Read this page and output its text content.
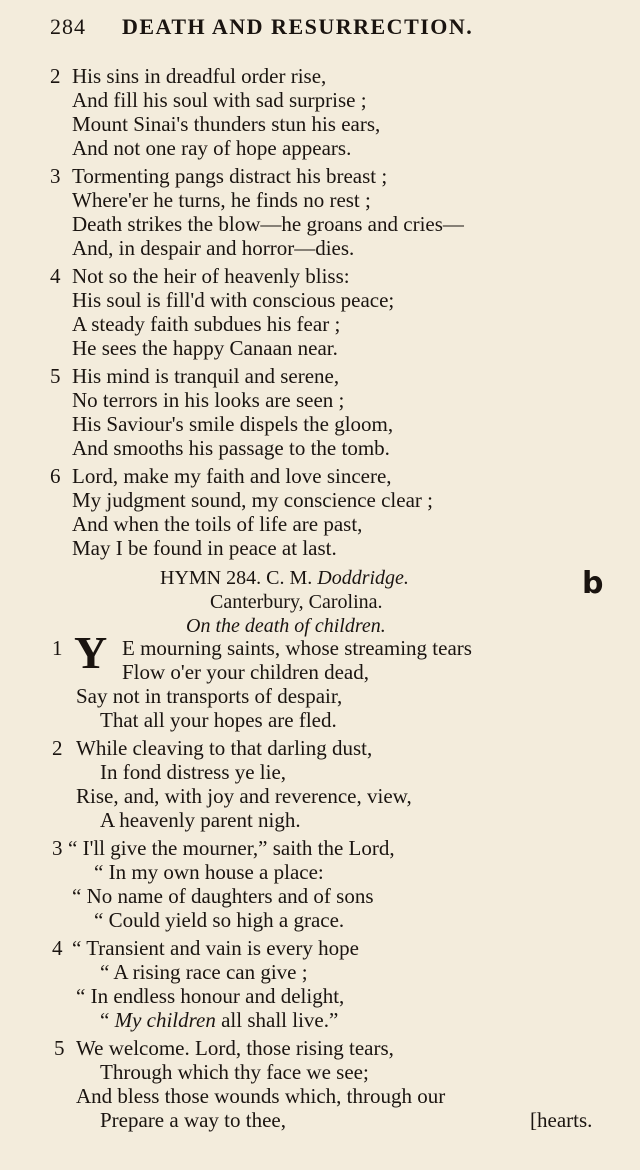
284 DEATH AND RESURRECTION.
2 His sins in dreadful order rise,
And fill his soul with sad surprise ;
Mount Sinai's thunders stun his ears,
And not one ray of hope appears.
3 Tormenting pangs distract his breast ;
Where'er he turns, he finds no rest ;
Death strikes the blow—he groans and cries—
And, in despair and horror—dies.
4 Not so the heir of heavenly bliss:
His soul is fill'd with conscious peace;
A steady faith subdues his fear ;
He sees the happy Canaan near.
5 His mind is tranquil and serene,
No terrors in his looks are seen ;
His Saviour's smile dispels the gloom,
And smooths his passage to the tomb.
6 Lord, make my faith and love sincere,
My judgment sound, my conscience clear ;
And when the toils of life are past,
May I be found in peace at last.
HYMN 284. C. M. Doddridge.	b
Canterbury, Carolina.
On the death of children.
1 Y E mourning saints, whose streaming tears
Flow o'er your children dead,
Say not in transports of despair,
That all your hopes are fled.
2 While cleaving to that darling dust,
In fond distress ye lie,
Rise, and, with joy and reverence, view,
A heavenly parent nigh.
3 “ I'll give the mourner,” saith the Lord,
“ In my own house a place:
“ No name of daughters and of sons
“ Could yield so high a grace.
4 “ Transient and vain is every hope
“ A rising race can give ;
“ In endless honour and delight,
“ My children all shall live.”
5 We welcome. Lord, those rising tears,
Through which thy face we see;
And bless those wounds which, through our
Prepare a way to thee,	[hearts.
